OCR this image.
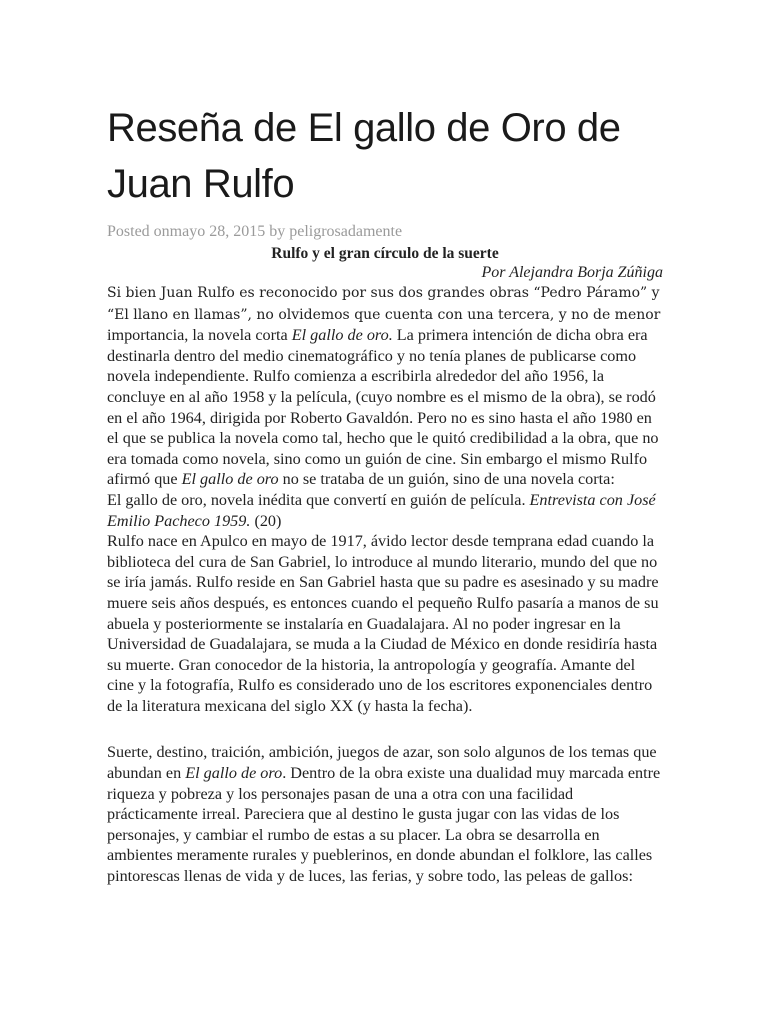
Reseña de El gallo de Oro de Juan Rulfo

Posted onmayo 28, 2015 by peligrosadamente

Rulfo y el gran círculo de la suerte

Por Alejandra Borja Zúñiga

Si bien Juan Rulfo es reconocido por sus dos grandes obras “Pedro Páramo” y “El llano en llamas”, no olvidemos que cuenta con una tercera, y no de menor importancia, la novela corta El gallo de oro. La primera intención de dicha obra era destinarla dentro del medio cinematográfico y no tenía planes de publicarse como novela independiente. Rulfo comienza a escribirla alrededor del año 1956, la concluye en al año 1958 y la película, (cuyo nombre es el mismo de la obra), se rodó en el año 1964, dirigida por Roberto Gavaldón. Pero no es sino hasta el año 1980 en el que se publica la novela como tal, hecho que le quitó credibilidad a la obra, que no era tomada como novela, sino como un guión de cine. Sin embargo el mismo Rulfo afirmó que El gallo de oro no se trataba de un guión, sino de una novela corta:

El gallo de oro, novela inédita que convertí en guión de película. Entrevista con José Emilio Pacheco 1959. (20)

Rulfo nace en Apulco en mayo de 1917, ávido lector desde temprana edad cuando la biblioteca del cura de San Gabriel, lo introduce al mundo literario, mundo del que no se iría jamás. Rulfo reside en San Gabriel hasta que su padre es asesinado y su madre muere seis años después, es entonces cuando el pequeño Rulfo pasaría a manos de su abuela y posteriormente se instalaría en Guadalajara. Al no poder ingresar en la Universidad de Guadalajara, se muda a la Ciudad de México en donde residiría hasta su muerte. Gran conocedor de la historia, la antropología y geografía. Amante del cine y la fotografía, Rulfo es considerado uno de los escritores exponenciales dentro de la literatura mexicana del siglo XX (y hasta la fecha).

Suerte, destino, traición, ambición, juegos de azar, son solo algunos de los temas que abundan en El gallo de oro. Dentro de la obra existe una dualidad muy marcada entre riqueza y pobreza y los personajes pasan de una a otra con una facilidad prácticamente irreal. Pareciera que al destino le gusta jugar con las vidas de los personajes, y cambiar el rumbo de estas a su placer. La obra se desarrolla en ambientes meramente rurales y pueblerinos, en donde abundan el folklore, las calles pintorescas llenas de vida y de luces, las ferias, y sobre todo, las peleas de gallos:
